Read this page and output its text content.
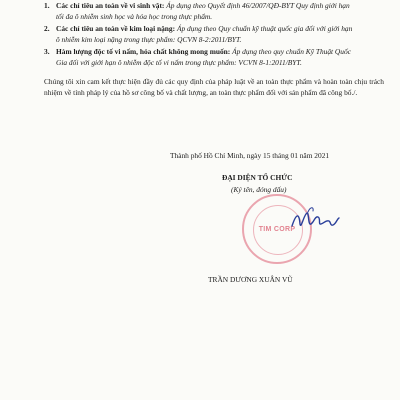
1. Các chỉ tiêu an toàn về vi sinh vật: Áp dụng theo Quyết định 46/2007/QĐ-BYT Quy định giới hạn
tối đa ô nhiễm sinh học và hóa học trong thực phẩm.
2. Các chỉ tiêu an toàn về kim loại nặng: Áp dụng theo Quy chuẩn kỹ thuật quốc gia đối với giới hạn
ô nhiễm kim loại nặng trong thực phẩm: QCVN 8-2:2011/BYT.
3. Hàm lượng độc tố vi nấm, hóa chất không mong muốn: Áp dụng theo quy chuẩn Kỹ Thuật Quốc
Gia đối với giới hạn ô nhiễm độc tố vi nấm trong thực phẩm: VCVN 8-1:2011/BYT.

Chúng tôi xin cam kết thực hiện đầy đủ các quy định của pháp luật về an toàn thực phẩm và hoàn toàn chịu trách nhiệm về tính pháp lý của hồ sơ công bố và chất lượng, an toàn thực phẩm đối với sản phẩm đã công bố./.

Thành phố Hồ Chí Minh, ngày 15 tháng 01 năm 2021
ĐẠI DIỆN TỔ CHỨC
(Ký tên, đóng dấu)
TIM CORP
TRẦN DƯƠNG XUÂN VŨ
